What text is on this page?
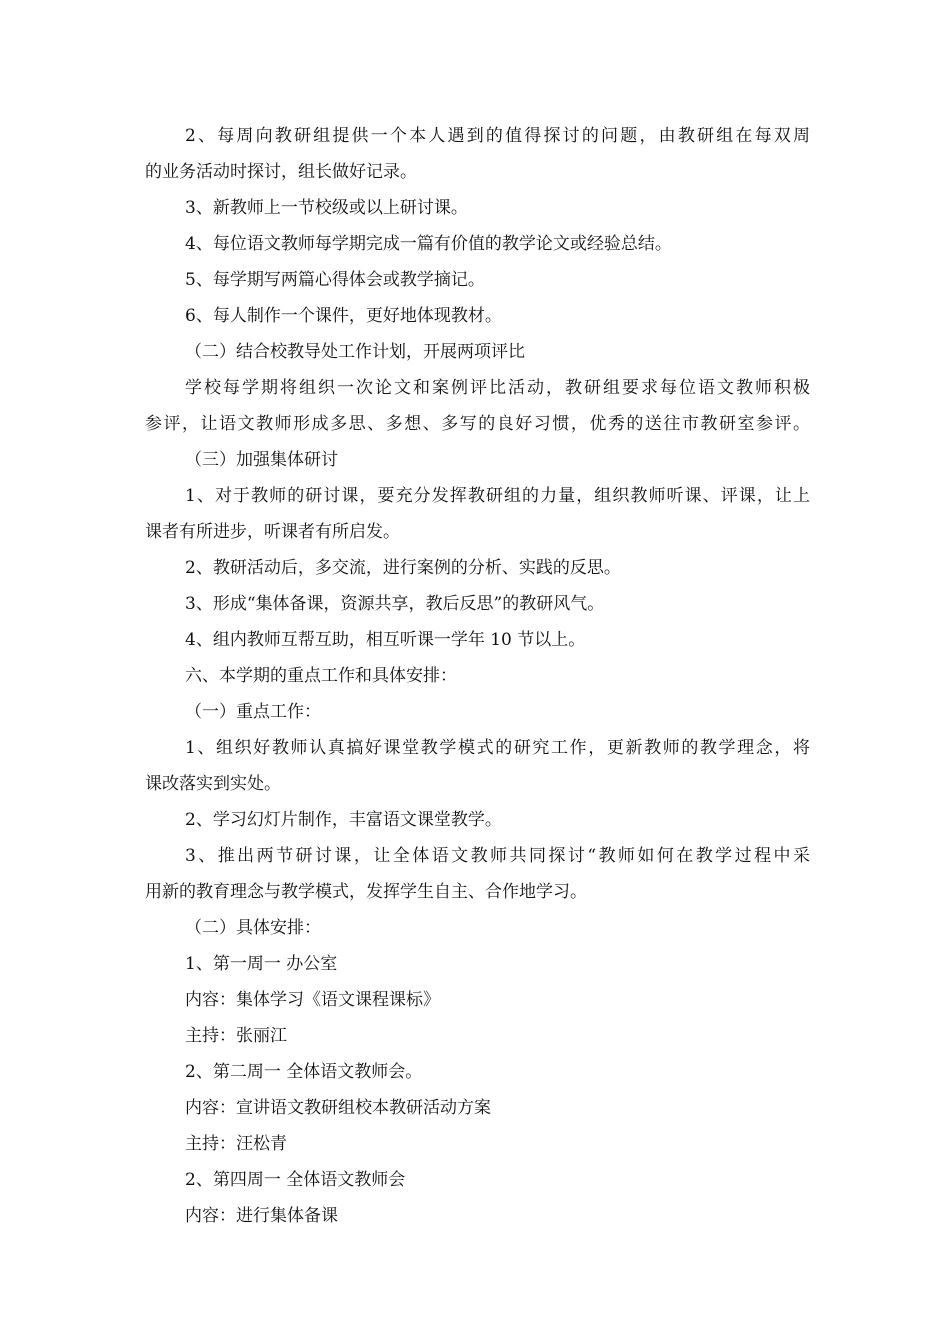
2、每周向教研组提供一个本人遇到的值得探讨的问题，由教研组在每双周
的业务活动时探讨，组长做好记录。
3、新教师上一节校级或以上研讨课。
4、每位语文教师每学期完成一篇有价值的教学论文或经验总结。
5、每学期写两篇心得体会或教学摘记。
6、每人制作一个课件，更好地体现教材。
（二）结合校教导处工作计划，开展两项评比
学校每学期将组织一次论文和案例评比活动，教研组要求每位语文教师积极
参评，让语文教师形成多思、多想、多写的良好习惯，优秀的送往市教研室参评。
（三）加强集体研讨
1、对于教师的研讨课，要充分发挥教研组的力量，组织教师听课、评课，让上
课者有所进步，听课者有所启发。
2、教研活动后，多交流，进行案例的分析、实践的反思。
3、形成“集体备课，资源共享，教后反思”的教研风气。
4、组内教师互帮互助，相互听课一学年 10 节以上。
六、本学期的重点工作和具体安排：
（一）重点工作：
1、组织好教师认真搞好课堂教学模式的研究工作，更新教师的教学理念，将
课改落实到实处。
2、学习幻灯片制作，丰富语文课堂教学。
3、推出两节研讨课，让全体语文教师共同探讨“教师如何在教学过程中采
用新的教育理念与教学模式，发挥学生自主、合作地学习。
（二）具体安排：
1、第一周一 办公室
内容：集体学习《语文课程课标》
主持：张丽江
2、第二周一 全体语文教师会。
内容：宣讲语文教研组校本教研活动方案
主持：汪松青
2、第四周一 全体语文教师会
内容：进行集体备课
